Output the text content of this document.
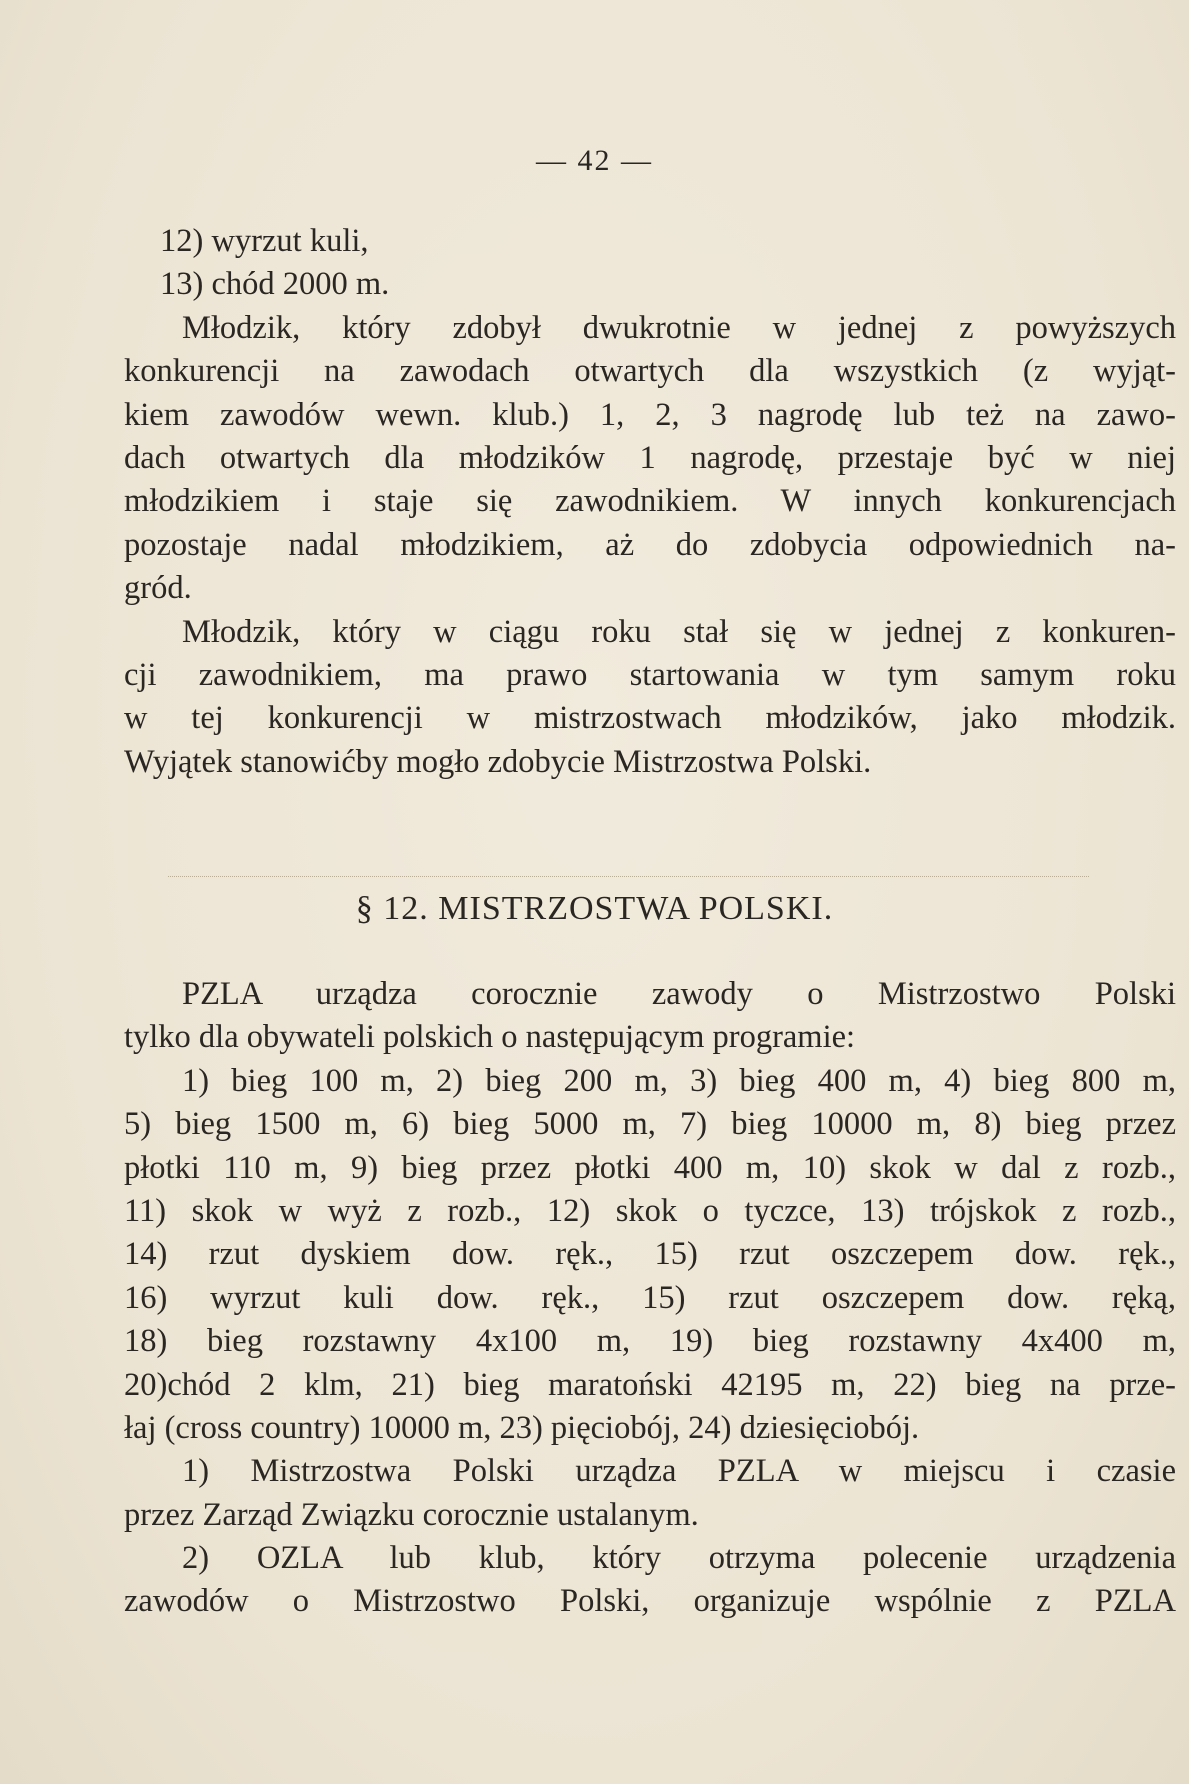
— 42 —
12) wyrzut kuli,
13) chód 2000 m.
Młodzik, który zdobył dwukrotnie w jednej z powyższych
konkurencji na zawodach otwartych dla wszystkich (z wyjąt-
kiem zawodów wewn. klub.) 1, 2, 3 nagrodę lub też na zawo-
dach otwartych dla młodzików 1 nagrodę, przestaje być w niej
młodzikiem i staje się zawodnikiem. W innych konkurencjach
pozostaje nadal młodzikiem, aż do zdobycia odpowiednich na-
gród.
Młodzik, który w ciągu roku stał się w jednej z konkuren-
cji zawodnikiem, ma prawo startowania w tym samym roku
w tej konkurencji w mistrzostwach młodzików, jako młodzik.
Wyjątek stanowićby mogło zdobycie Mistrzostwa Polski.
§ 12. MISTRZOSTWA POLSKI.
PZLA urządza corocznie zawody o Mistrzostwo Polski
tylko dla obywateli polskich o następującym programie:
1) bieg 100 m, 2) bieg 200 m, 3) bieg 400 m, 4) bieg 800 m,
5) bieg 1500 m, 6) bieg 5000 m, 7) bieg 10000 m, 8) bieg przez
płotki 110 m, 9) bieg przez płotki 400 m, 10) skok w dal z rozb.,
11) skok w wyż z rozb., 12) skok o tyczce, 13) trójskok z rozb.,
14) rzut dyskiem dow. ręk., 15) rzut oszczepem dow. ręk.,
16) wyrzut kuli dow. ręk., 15) rzut oszczepem dow. ręką,
18) bieg rozstawny 4x100 m, 19) bieg rozstawny 4x400 m,
20)chód 2 klm, 21) bieg maratoński 42195 m, 22) bieg na prze-
łaj (cross country) 10000 m, 23) pięciobój, 24) dziesięciobój.
1) Mistrzostwa Polski urządza PZLA w miejscu i czasie
przez Zarząd Związku corocznie ustalanym.
2) OZLA lub klub, który otrzyma polecenie urządzenia
zawodów o Mistrzostwo Polski, organizuje wspólnie z PZLA
